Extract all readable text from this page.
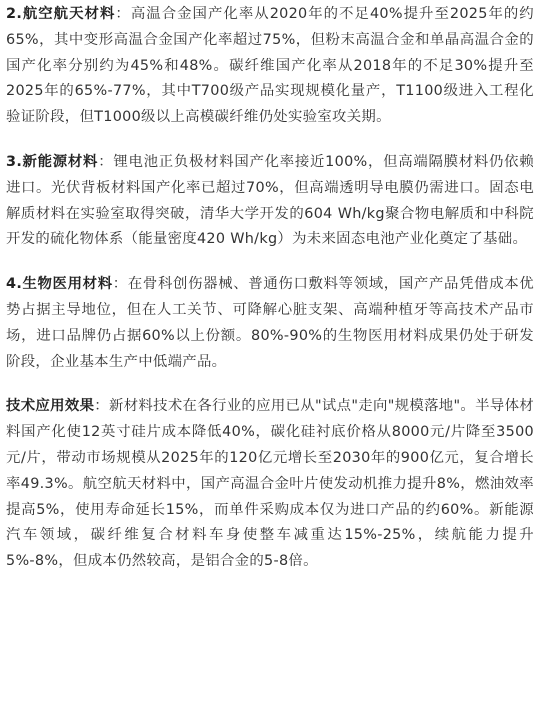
2.航空航天材料：高温合金国产化率从2020年的不足40%提升至2025年的约65%，其中变形高温合金国产化率超过75%，但粉末高温合金和单晶高温合金的国产化率分别约为45%和48%。碳纤维国产化率从2018年的不足30%提升至2025年的65%-77%，其中T700级产品实现规模化量产，T1100级进入工程化验证阶段，但T1000级以上高模碳纤维仍处实验室攻关期。

3.新能源材料：锂电池正负极材料国产化率接近100%，但高端隔膜材料仍依赖进口。光伏背板材料国产化率已超过70%，但高端透明导电膜仍需进口。固态电解质材料在实验室取得突破，清华大学开发的604 Wh/kg聚合物电解质和中科院开发的硫化物体系（能量密度420 Wh/kg）为未来固态电池产业化奠定了基础。

4.生物医用材料：在骨科创伤器械、普通伤口敷料等领域，国产产品凭借成本优势占据主导地位，但在人工关节、可降解心脏支架、高端种植牙等高技术产品市场，进口品牌仍占据60%以上份额。80%-90%的生物医用材料成果仍处于研发阶段，企业基本生产中低端产品。

技术应用效果：新材料技术在各行业的应用已从"试点"走向"规模落地"。半导体材料国产化使12英寸硅片成本降低40%，碳化硅衬底价格从8000元/片降至3500元/片，带动市场规模从2025年的120亿元增长至2030年的900亿元，复合增长率49.3%。航空航天材料中，国产高温合金叶片使发动机推力提升8%，燃油效率提高5%，使用寿命延长15%，而单件采购成本仅为进口产品的约60%。新能源汽车领域，碳纤维复合材料车身使整车减重达15%-25%，续航能力提升5%-8%，但成本仍然较高，是铝合金的5-8倍。
